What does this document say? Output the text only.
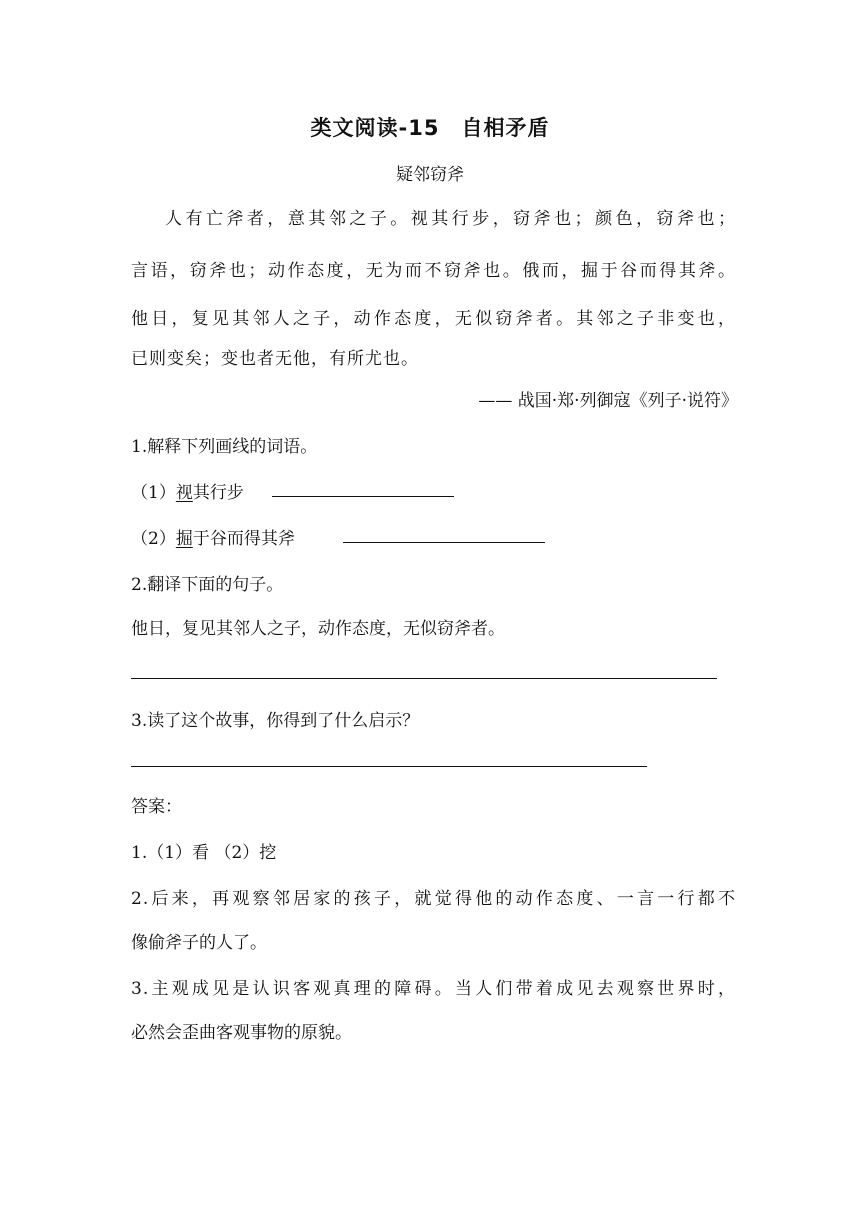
类文阅读-15　自相矛盾
疑邻窃斧
人有亡斧者，意其邻之子。视其行步，窃斧也；颜色，窃斧也；
言语，窃斧也；动作态度，无为而不窃斧也。俄而，掘于谷而得其斧。
他日，复见其邻人之子，动作态度，无似窃斧者。其邻之子非变也，
已则变矣；变也者无他，有所尤也。
—— 战国·郑·列御寇《列子·说符》
1.解释下列画线的词语。
（1）视其行步
（2）掘于谷而得其斧
2.翻译下面的句子。
他日，复见其邻人之子，动作态度，无似窃斧者。
3.读了这个故事，你得到了什么启示？
答案：
1.（1）看 （2）挖
2.后来，再观察邻居家的孩子，就觉得他的动作态度、一言一行都不
像偷斧子的人了。
3.主观成见是认识客观真理的障碍。当人们带着成见去观察世界时，
必然会歪曲客观事物的原貌。
